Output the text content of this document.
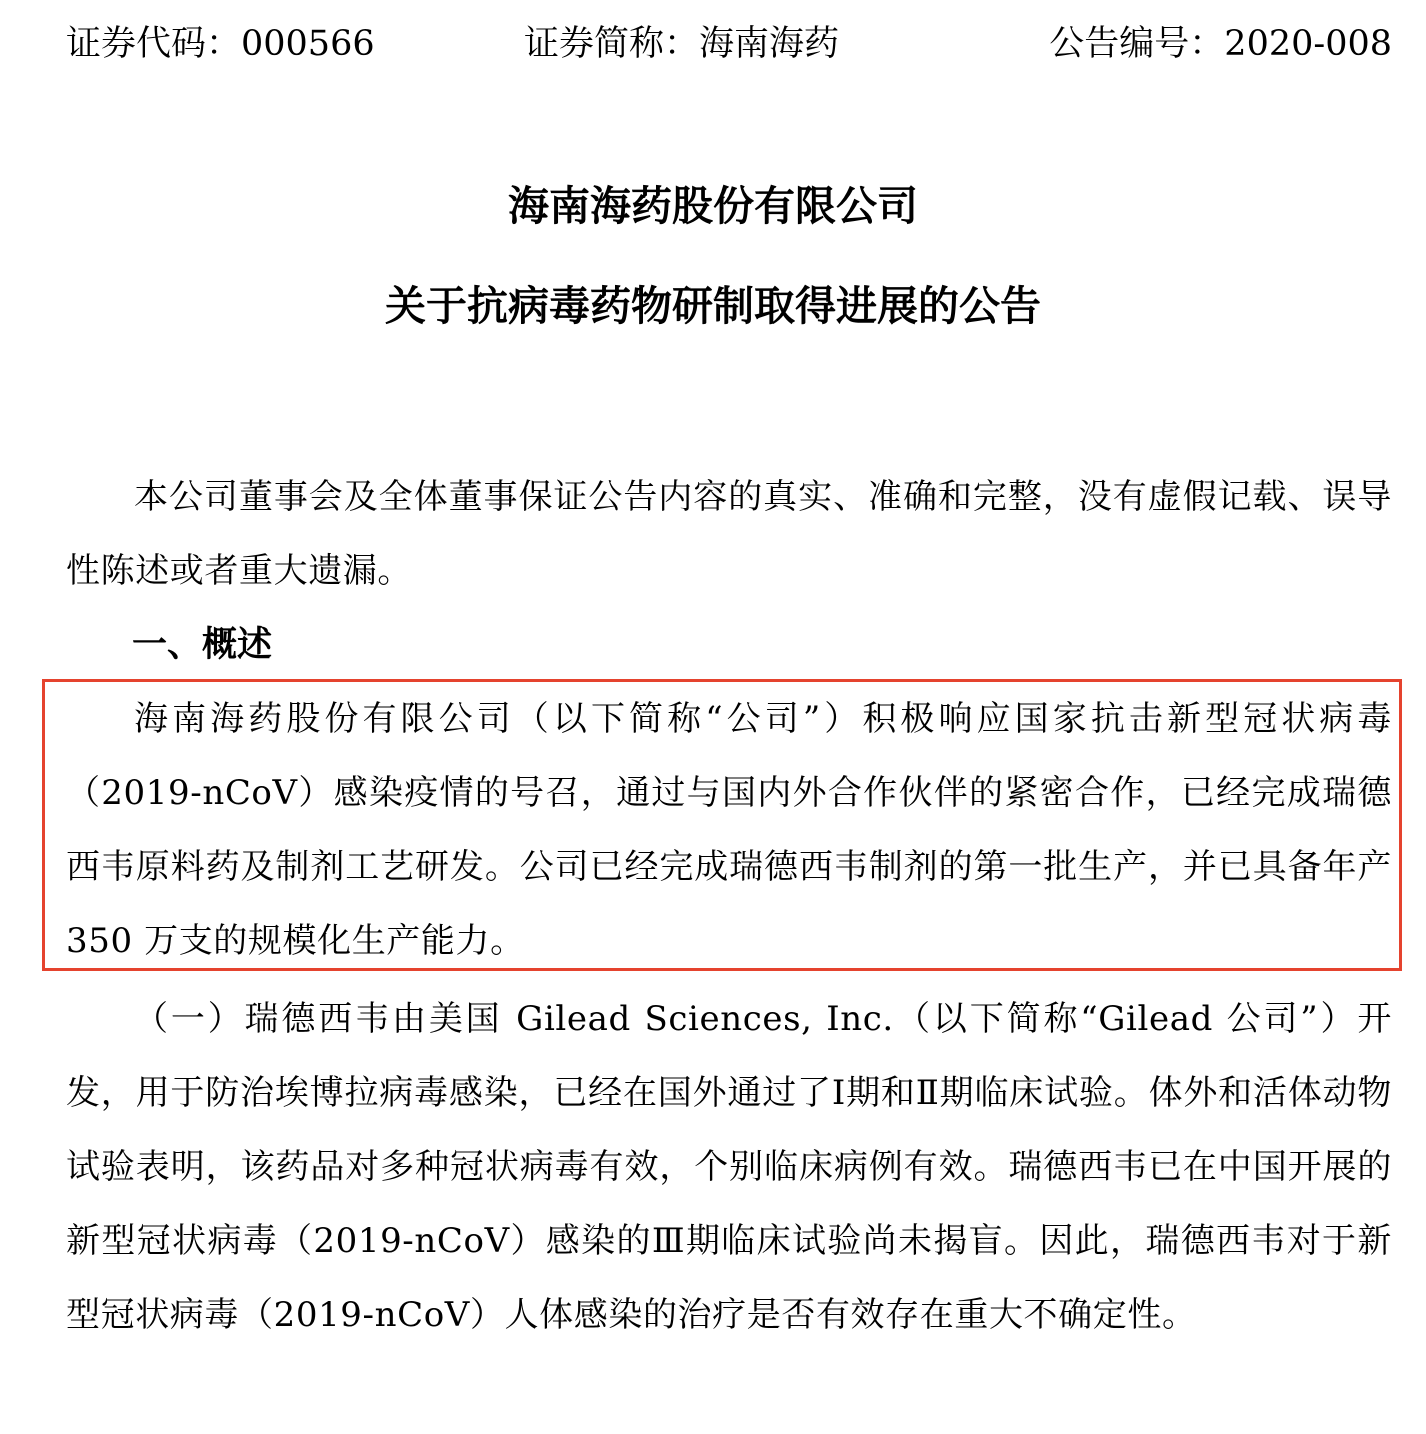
证券代码：000566	证券简称：海南海药	公告编号：2020-008
海南海药股份有限公司
关于抗病毒药物研制取得进展的公告

本公司董事会及全体董事保证公告内容的真实、准确和完整，没有虚假记载、误导性陈述或者重大遗漏。

一、概述

海南海药股份有限公司（以下简称“公司”）积极响应国家抗击新型冠状病毒（2019-nCoV）感染疫情的号召，通过与国内外合作伙伴的紧密合作，已经完成瑞德西韦原料药及制剂工艺研发。公司已经完成瑞德西韦制剂的第一批生产，并已具备年产 350 万支的规模化生产能力。

（一）瑞德西韦由美国 Gilead Sciences, Inc.（以下简称“Gilead 公司”）开发，用于防治埃博拉病毒感染，已经在国外通过了Ⅰ期和Ⅱ期临床试验。体外和活体动物试验表明，该药品对多种冠状病毒有效，个别临床病例有效。瑞德西韦已在中国开展的新型冠状病毒（2019-nCoV）感染的Ⅲ期临床试验尚未揭盲。因此，瑞德西韦对于新型冠状病毒（2019-nCoV）人体感染的治疗是否有效存在重大不确定性。
